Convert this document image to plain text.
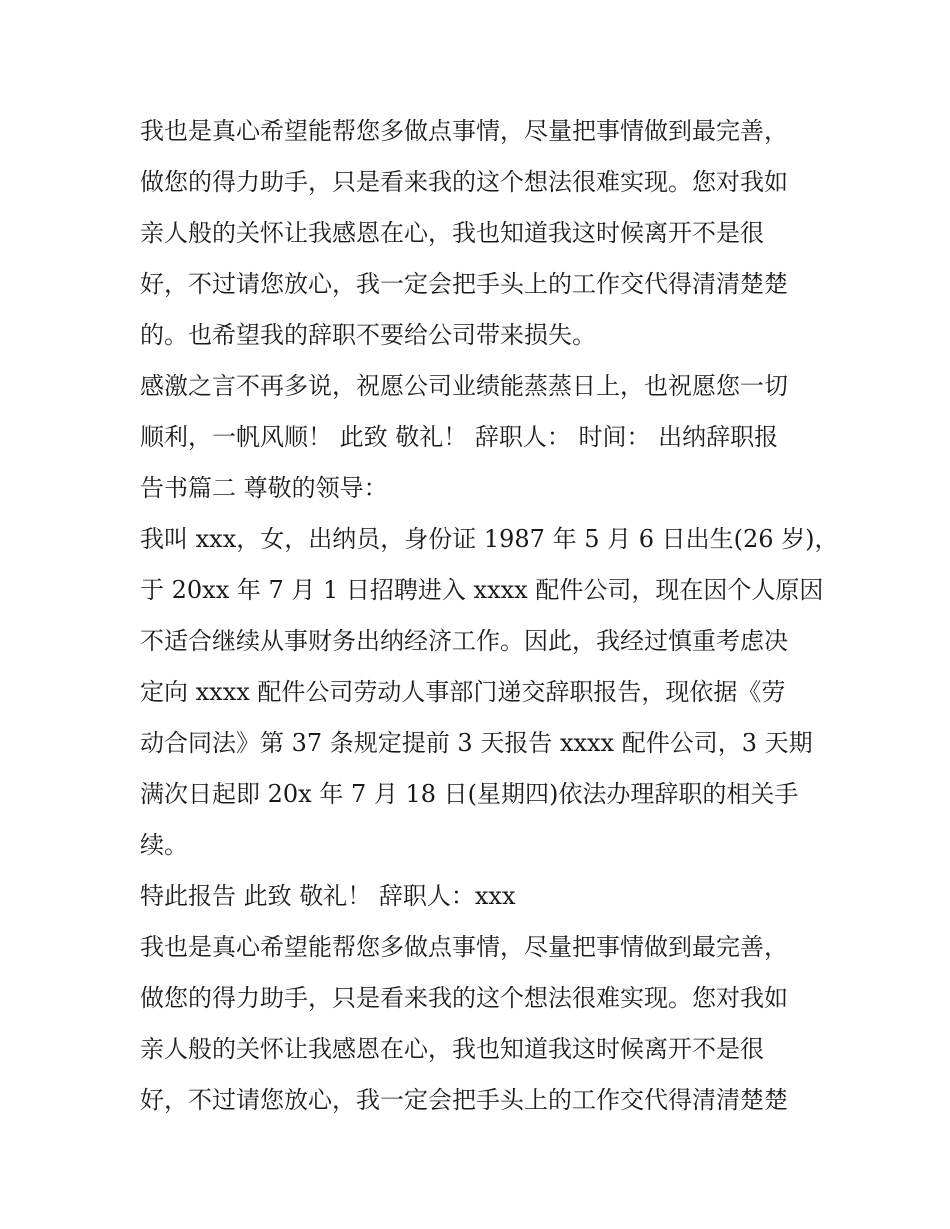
我也是真心希望能帮您多做点事情，尽量把事情做到最完善，
做您的得力助手，只是看来我的这个想法很难实现。您对我如
亲人般的关怀让我感恩在心，我也知道我这时候离开不是很
好，不过请您放心，我一定会把手头上的工作交代得清清楚楚
的。也希望我的辞职不要给公司带来损失。
感激之言不再多说，祝愿公司业绩能蒸蒸日上，也祝愿您一切
顺利，一帆风顺！ 此致 敬礼！ 辞职人： 时间： 出纳辞职报
告书篇二 尊敬的领导：
我叫 xxx，女，出纳员，身份证 1987 年 5 月 6 日出生(26 岁)，
于 20xx 年 7 月 1 日招聘进入 xxxx 配件公司，现在因个人原因
不适合继续从事财务出纳经济工作。因此，我经过慎重考虑决
定向 xxxx 配件公司劳动人事部门递交辞职报告，现依据《劳
动合同法》第 37 条规定提前 3 天报告 xxxx 配件公司，3 天期
满次日起即 20x 年 7 月 18 日(星期四)依法办理辞职的相关手
续。
特此报告 此致 敬礼！ 辞职人：xxx
我也是真心希望能帮您多做点事情，尽量把事情做到最完善，
做您的得力助手，只是看来我的这个想法很难实现。您对我如
亲人般的关怀让我感恩在心，我也知道我这时候离开不是很
好，不过请您放心，我一定会把手头上的工作交代得清清楚楚
